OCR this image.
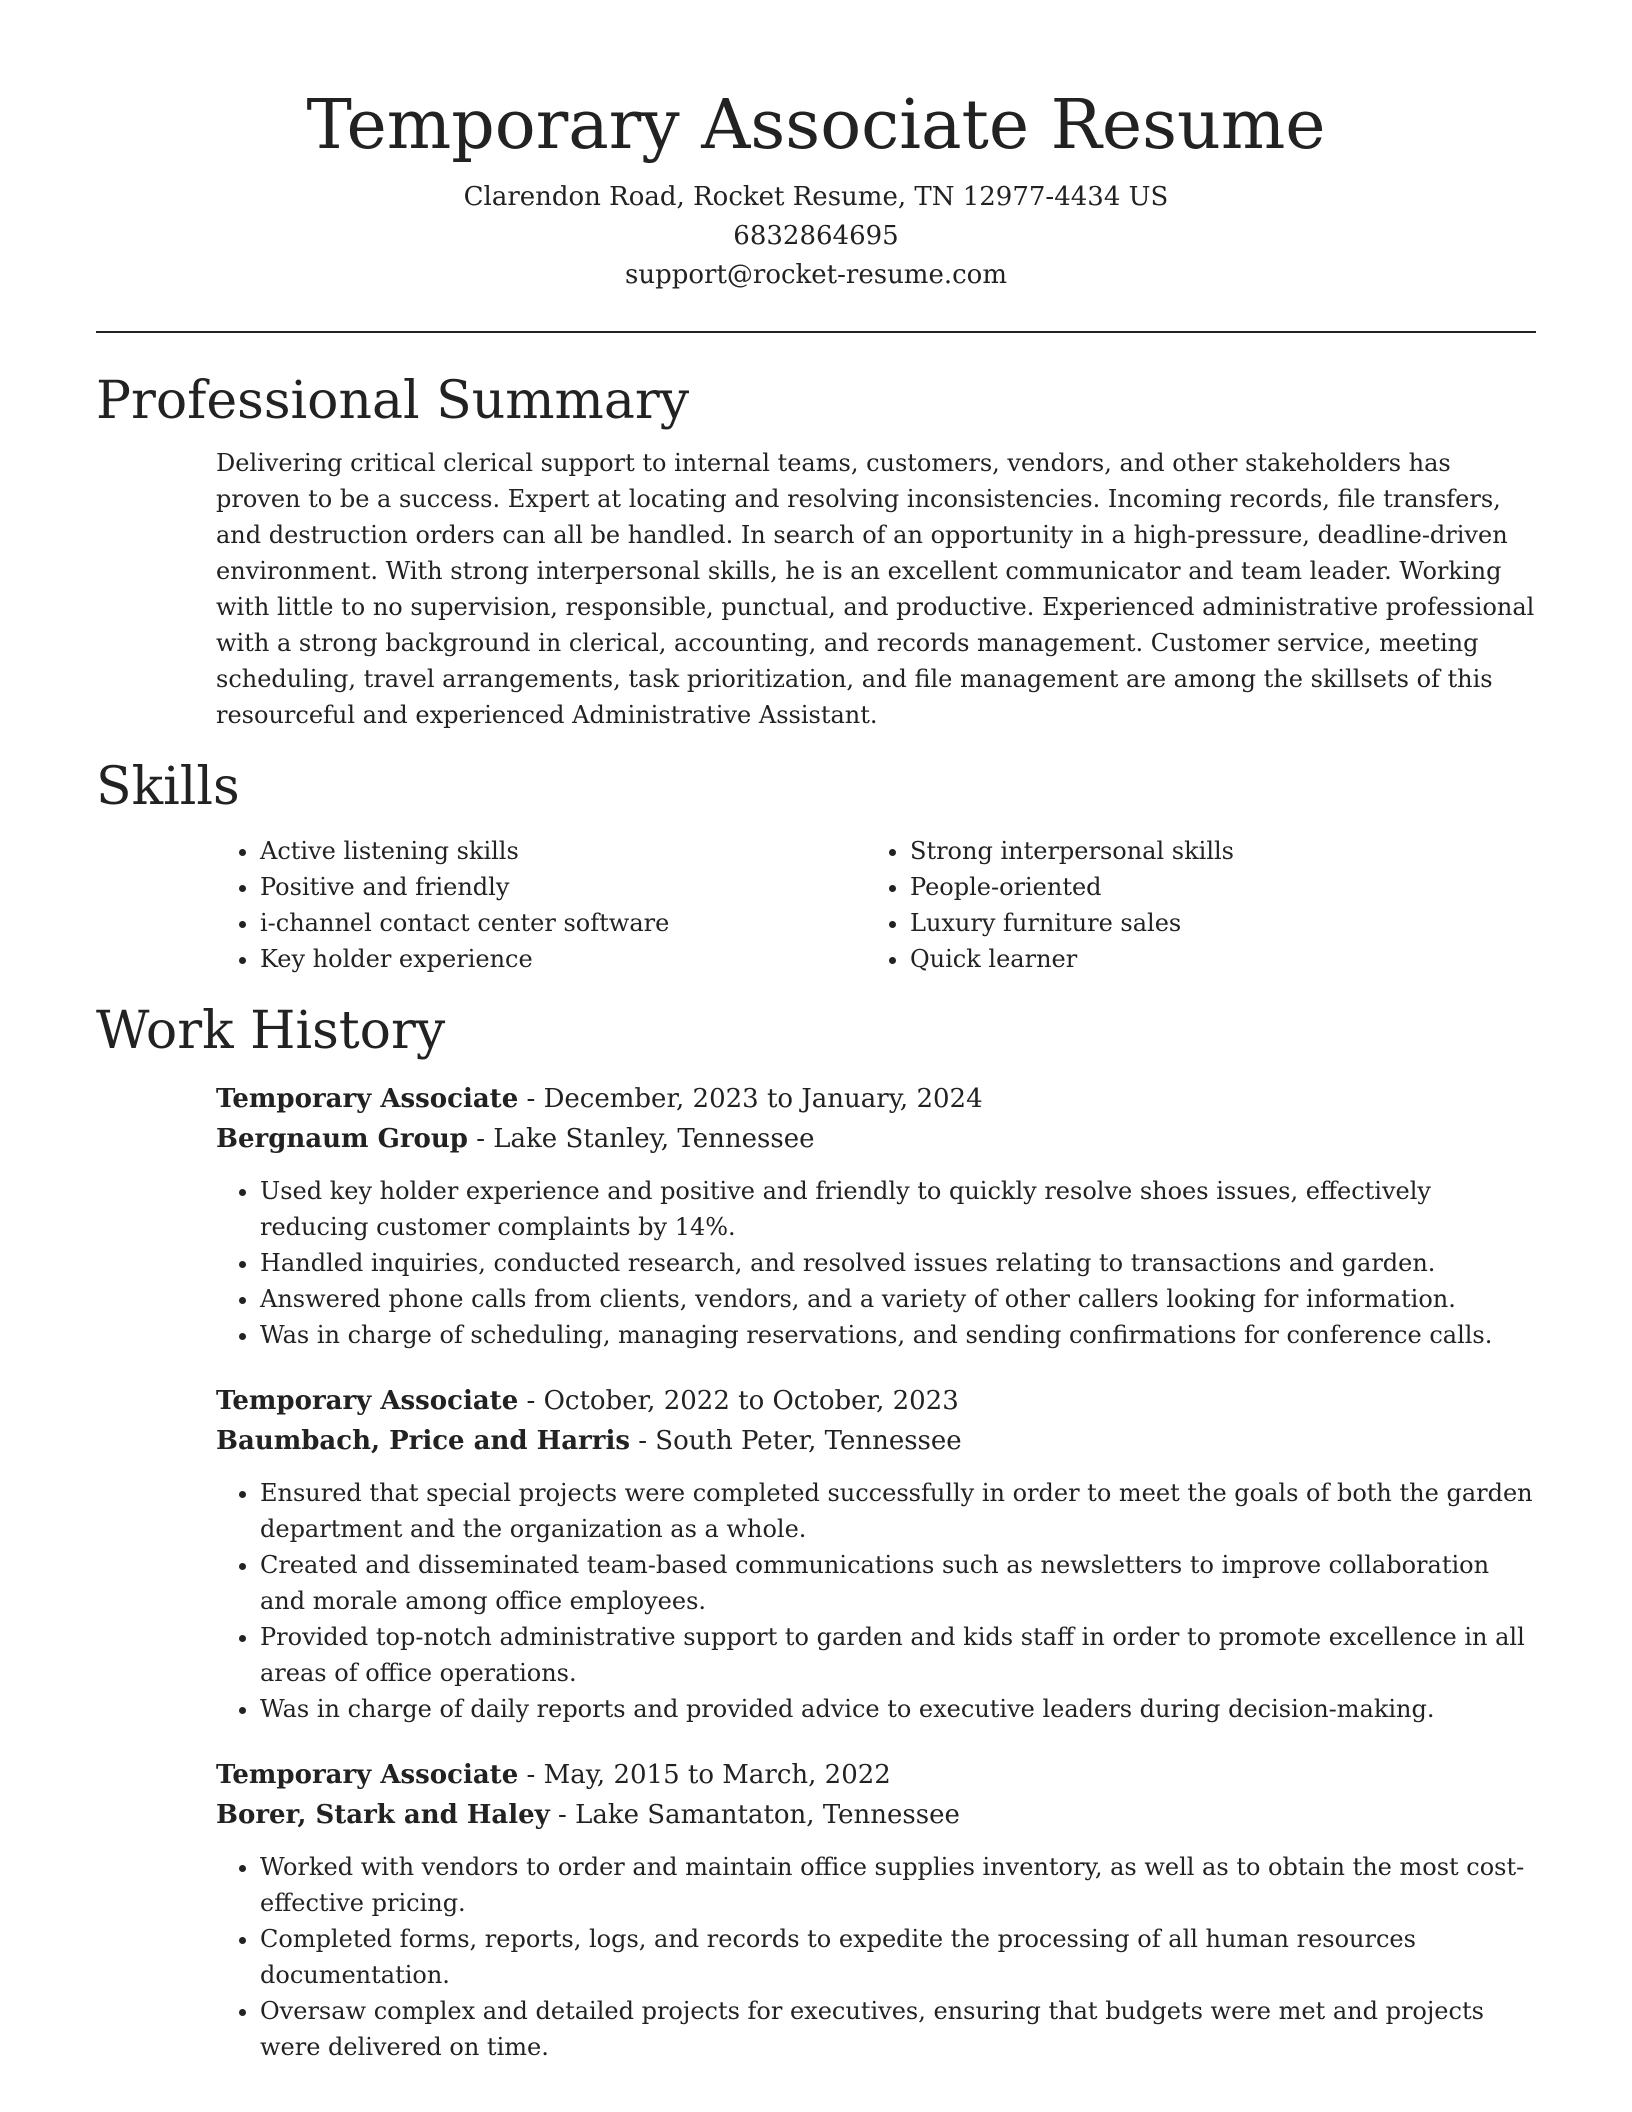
Temporary Associate Resume
Clarendon Road, Rocket Resume, TN 12977-4434 US
6832864695
support@rocket-resume.com
Professional Summary

Delivering critical clerical support to internal teams, customers, vendors, and other stakeholders has proven to be a success. Expert at locating and resolving inconsistencies. Incoming records, file transfers, and destruction orders can all be handled. In search of an opportunity in a high-pressure, deadline-driven environment. With strong interpersonal skills, he is an excellent communicator and team leader. Working with little to no supervision, responsible, punctual, and productive. Experienced administrative professional with a strong background in clerical, accounting, and records management. Customer service, meeting scheduling, travel arrangements, task prioritization, and file management are among the skillsets of this resourceful and experienced Administrative Assistant.

Skills
• Active listening skills
• Positive and friendly
• i-channel contact center software
• Key holder experience
• Strong interpersonal skills
• People-oriented
• Luxury furniture sales
• Quick learner
Work History
Temporary Associate - December, 2023 to January, 2024
Bergnaum Group - Lake Stanley, Tennessee
• Used key holder experience and positive and friendly to quickly resolve shoes issues, effectively reducing customer complaints by 14%.
• Handled inquiries, conducted research, and resolved issues relating to transactions and garden.
• Answered phone calls from clients, vendors, and a variety of other callers looking for information.
• Was in charge of scheduling, managing reservations, and sending confirmations for conference calls.
Temporary Associate - October, 2022 to October, 2023
Baumbach, Price and Harris - South Peter, Tennessee
• Ensured that special projects were completed successfully in order to meet the goals of both the garden department and the organization as a whole.
• Created and disseminated team-based communications such as newsletters to improve collaboration and morale among office employees.
• Provided top-notch administrative support to garden and kids staff in order to promote excellence in all areas of office operations.
• Was in charge of daily reports and provided advice to executive leaders during decision-making.
Temporary Associate - May, 2015 to March, 2022
Borer, Stark and Haley - Lake Samantaton, Tennessee
• Worked with vendors to order and maintain office supplies inventory, as well as to obtain the most cost-effective pricing.
• Completed forms, reports, logs, and records to expedite the processing of all human resources documentation.
• Oversaw complex and detailed projects for executives, ensuring that budgets were met and projects were delivered on time.
